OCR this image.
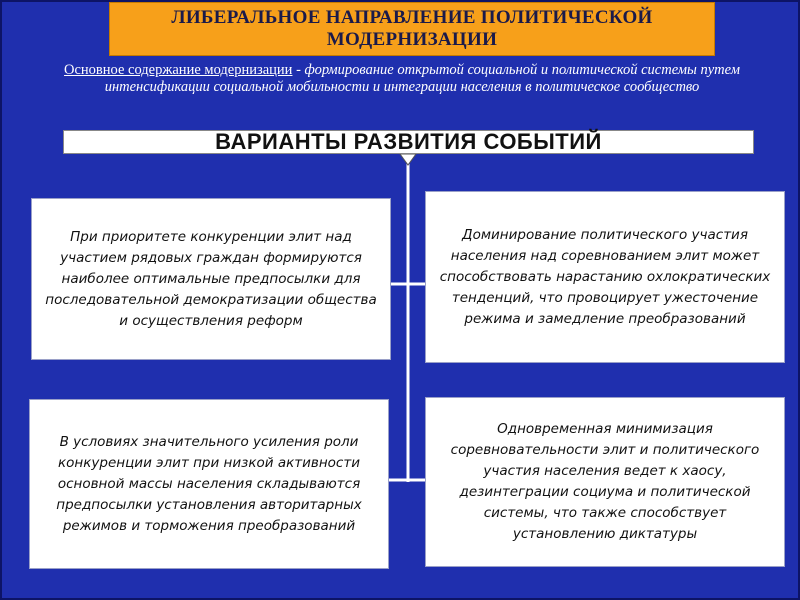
ЛИБЕРАЛЬНОЕ НАПРАВЛЕНИЕ ПОЛИТИЧЕСКОЙ
МОДЕРНИЗАЦИИ
Основное содержание модернизации - формирование открытой социальной и политической системы путем интенсификации социальной мобильности и интеграции населения в политическое сообщество
ВАРИАНТЫ РАЗВИТИЯ СОБЫТИЙ
При приоритете конкуренции элит над участием рядовых граждан формируются наиболее оптимальные предпосылки для последовательной демократизации общества и осуществления реформ
Доминирование политического участия населения над соревнованием элит может способствовать нарастанию охлократических тенденций, что провоцирует ужесточение режима и замедление преобразований
В условиях значительного усиления роли конкуренции элит при низкой активности основной массы населения складываются предпосылки установления авторитарных режимов и торможения преобразований
Одновременная минимизация соревновательности элит и политического участия населения ведет к хаосу, дезинтеграции социума и политической системы, что также способствует установлению диктатуры
